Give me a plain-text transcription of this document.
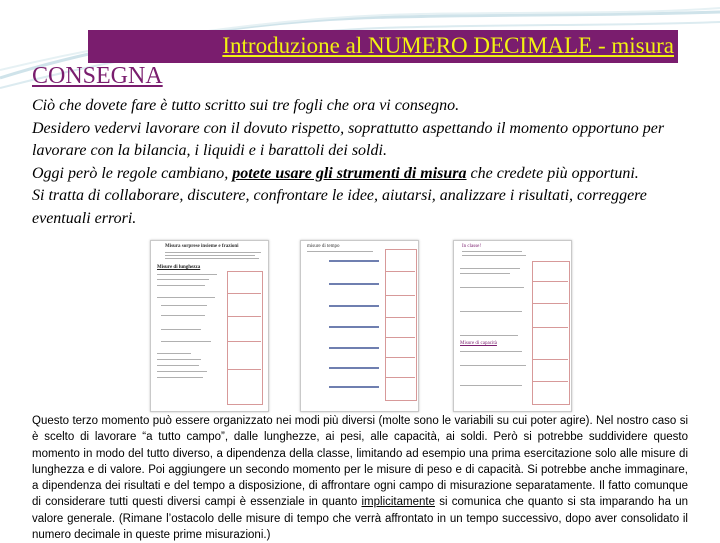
Introduzione al NUMERO DECIMALE - misura
CONSEGNA

Ciò che dovete fare è tutto scritto sui tre fogli che ora vi consegno.

Desidero vedervi lavorare con il dovuto rispetto, soprattutto aspettando il momento opportuno per lavorare con la bilancia, i liquidi e i barattoli dei soldi.

Oggi però le regole cambiano, potete usare gli strumenti di misura che credete più opportuni.

Si tratta di collaborare, discutere, confrontare le idee, aiutarsi, analizzare i risultati, correggere eventuali errori.

Misura sorprese insieme e frazioni
Misure di lunghezza
misure di tempo	In classe!
Misure di capacità
Questo terzo momento può essere organizzato nei modi più diversi (molte sono le variabili su cui poter agire). Nel nostro caso si è scelto di lavorare “a tutto campo”, dalle lunghezze, ai pesi, alle capacità, ai soldi. Però si potrebbe suddividere questo momento in modo del tutto diverso, a dipendenza della classe, limitando ad esempio una prima esercitazione solo alle misure di lunghezza e di valore. Poi aggiungere un secondo momento per le misure di peso e di capacità. Si potrebbe anche immaginare, a dipendenza dei risultati e del tempo a disposizione, di affrontare ogni campo di misurazione separatamente. Il fatto comunque di considerare tutti questi diversi campi è essenziale in quanto implicitamente si comunica che quanto si sta imparando ha un valore generale. (Rimane l’ostacolo delle misure di tempo che verrà affrontato in un tempo successivo, dopo aver consolidato il numero decimale in queste prime misurazioni.)
